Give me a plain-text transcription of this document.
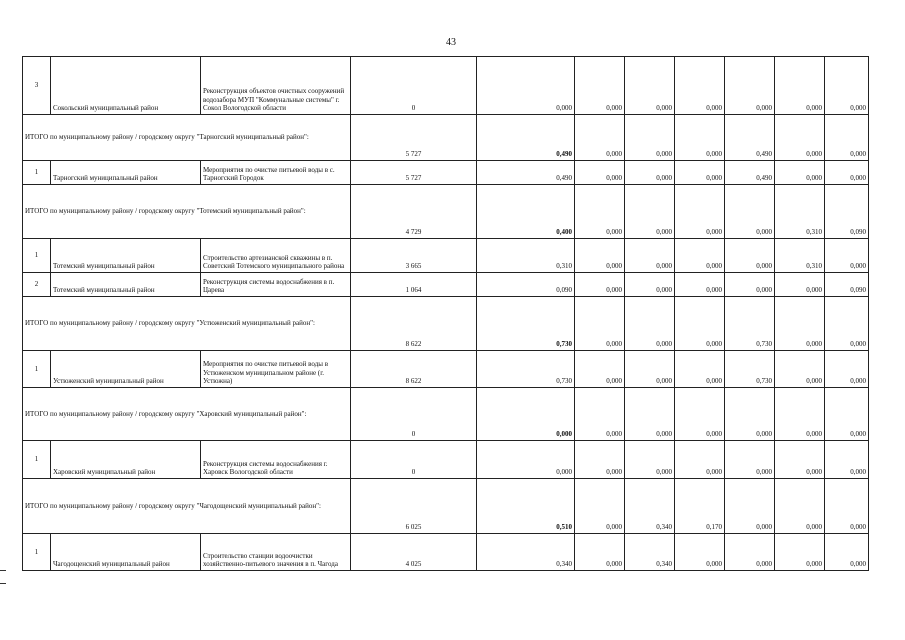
43
3	Сокольский муниципальный район	Реконструкция объектов очистных сооружений водозабора МУП "Коммунальные системы" г. Сокол Вологодской области	0	0,000	0,000	0,000	0,000	0,000	0,000	0,000

ИТОГО по муниципальному району / городскому округу "Тарногский муниципальный район":			5 727	0,490	0,000	0,000	0,000	0,490	0,000	0,000
1	Тарногский муниципальный район	Мероприятия по очистке питьевой воды в с. Тарногский Городок	5 727	0,490	0,000	0,000	0,000	0,490	0,000	0,000

ИТОГО по муниципальному району / городскому округу "Тотемский муниципальный район":			4 729	0,400	0,000	0,000	0,000	0,000	0,310	0,090
1	Тотемский муниципальный район	Строительство артезианской скважины в п. Советский Тотемского муниципального района	3 665	0,310	0,000	0,000	0,000	0,000	0,310	0,000
2	Тотемский муниципальный район	Реконструкция системы водоснабжения в п. Царева	1 064	0,090	0,000	0,000	0,000	0,000	0,000	0,090

ИТОГО по муниципальному району / городскому округу "Устюженский муниципальный район":			8 622	0,730	0,000	0,000	0,000	0,730	0,000	0,000
1	Устюженский муниципальный район	Мероприятия по очистке питьевой воды в Устюженском муниципальном районе (г. Устюжна)	8 622	0,730	0,000	0,000	0,000	0,730	0,000	0,000

ИТОГО по муниципальному району / городскому округу "Харовский муниципальный район":			0	0,000	0,000	0,000	0,000	0,000	0,000	0,000
1	Харовский муниципальный район	Реконструкция системы водоснабжения г. Харовск Вологодской области	0	0,000	0,000	0,000	0,000	0,000	0,000	0,000

ИТОГО по муниципальному району / городскому округу "Чагодощенский муниципальный район":			6 025	0,510	0,000	0,340	0,170	0,000	0,000	0,000
1	Чагодощенский муниципальный район	Строительство станции водоочистки хозяйственно-питьевого значения в п. Чагода	4 025	0,340	0,000	0,340	0,000	0,000	0,000	0,000
